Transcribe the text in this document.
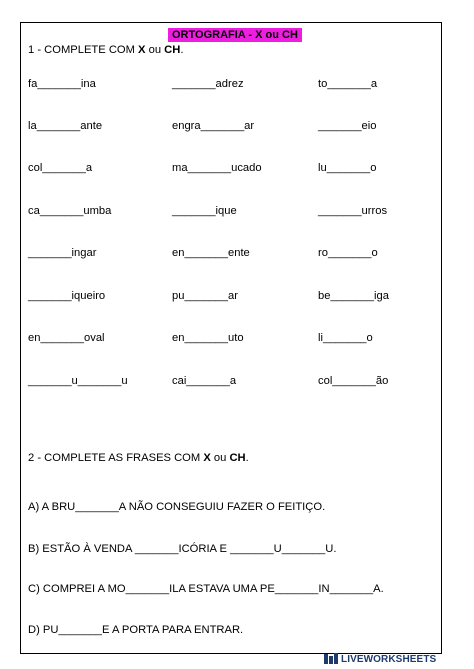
ORTOGRAFIA - X ou CH
1 - COMPLETE COM X ou CH.
fa_______ina	_______adrez	to_______a
la_______ante	engra_______ar	_______eio
col_______a	ma_______ucado	lu_______o
ca_______umba	_______ique	_______urros
_______ingar	en_______ente	ro_______o
_______iqueiro	pu_______ar	be_______iga
en_______oval	en_______uto	li_______o
_______u_______u	cai_______a	col_______ão
2 - COMPLETE AS FRASES COM X ou CH.
A) A BRU_______A NÃO CONSEGUIU FAZER O FEITIÇO.
B) ESTÃO À VENDA _______ICÓRIA E _______U_______U.
C) COMPREI A MO_______ILA ESTAVA UMA PE_______IN_______A.
D) PU_______E A PORTA PARA ENTRAR.
LIVEWORKSHEETS
